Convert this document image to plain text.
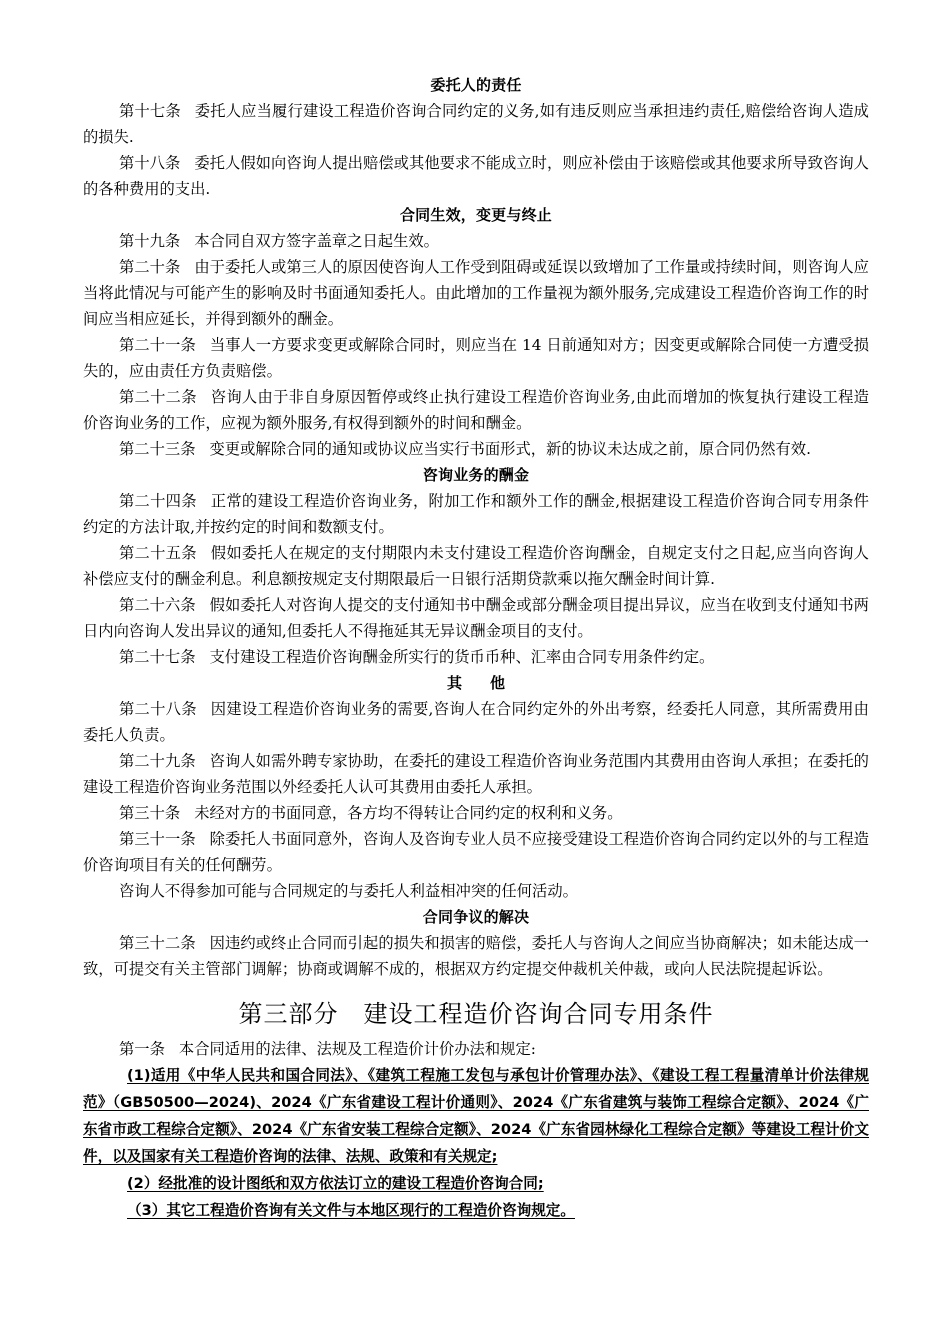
委托人的责任

第十七条 委托人应当履行建设工程造价咨询合同约定的义务,如有违反则应当承担违约责任,赔偿给咨询人造成的损失.

第十八条 委托人假如向咨询人提出赔偿或其他要求不能成立时，则应补偿由于该赔偿或其他要求所导致咨询人的各种费用的支出.

合同生效，变更与终止

第十九条 本合同自双方签字盖章之日起生效。

第二十条 由于委托人或第三人的原因使咨询人工作受到阻碍或延误以致增加了工作量或持续时间，则咨询人应当将此情况与可能产生的影响及时书面通知委托人。由此增加的工作量视为额外服务,完成建设工程造价咨询工作的时间应当相应延长，并得到额外的酬金。

第二十一条 当事人一方要求变更或解除合同时，则应当在 14 日前通知对方；因变更或解除合同使一方遭受损失的，应由责任方负责赔偿。

第二十二条 咨询人由于非自身原因暂停或终止执行建设工程造价咨询业务,由此而增加的恢复执行建设工程造价咨询业务的工作，应视为额外服务,有权得到额外的时间和酬金。

第二十三条 变更或解除合同的通知或协议应当实行书面形式，新的协议未达成之前，原合同仍然有效.

咨询业务的酬金

第二十四条 正常的建设工程造价咨询业务，附加工作和额外工作的酬金,根据建设工程造价咨询合同专用条件约定的方法计取,并按约定的时间和数额支付。

第二十五条 假如委托人在规定的支付期限内未支付建设工程造价咨询酬金，自规定支付之日起,应当向咨询人补偿应支付的酬金利息。利息额按规定支付期限最后一日银行活期贷款乘以拖欠酬金时间计算.

第二十六条 假如委托人对咨询人提交的支付通知书中酬金或部分酬金项目提出异议，应当在收到支付通知书两日内向咨询人发出异议的通知,但委托人不得拖延其无异议酬金项目的支付。

第二十七条 支付建设工程造价咨询酬金所实行的货币币种、汇率由合同专用条件约定。

其他

第二十八条 因建设工程造价咨询业务的需要,咨询人在合同约定外的外出考察，经委托人同意，其所需费用由委托人负责。

第二十九条 咨询人如需外聘专家协助，在委托的建设工程造价咨询业务范围内其费用由咨询人承担；在委托的建设工程造价咨询业务范围以外经委托人认可其费用由委托人承担。

第三十条 未经对方的书面同意，各方均不得转让合同约定的权利和义务。

第三十一条 除委托人书面同意外，咨询人及咨询专业人员不应接受建设工程造价咨询合同约定以外的与工程造价咨询项目有关的任何酬劳。

咨询人不得参加可能与合同规定的与委托人利益相冲突的任何活动。

合同争议的解决

第三十二条 因违约或终止合同而引起的损失和损害的赔偿，委托人与咨询人之间应当协商解决；如未能达成一致，可提交有关主管部门调解；协商或调解不成的，根据双方约定提交仲裁机关仲裁，或向人民法院提起诉讼。

第三部分　建设工程造价咨询合同专用条件

第一条 本合同适用的法律、法规及工程造价计价办法和规定:

(1)适用《中华人民共和国合同法》、《建筑工程施工发包与承包计价管理办法》、《建设工程工程量清单计价法律规范》（GB50500—2024)、2024《广东省建设工程计价通则》、2024《广东省建筑与装饰工程综合定额》、2024《广东省市政工程综合定额》、2024《广东省安装工程综合定额》、2024《广东省园林绿化工程综合定额》等建设工程计价文件，以及国家有关工程造价咨询的法律、法规、政策和有关规定;

(2）经批准的设计图纸和双方依法订立的建设工程造价咨询合同;

（3）其它工程造价咨询有关文件与本地区现行的工程造价咨询规定。
